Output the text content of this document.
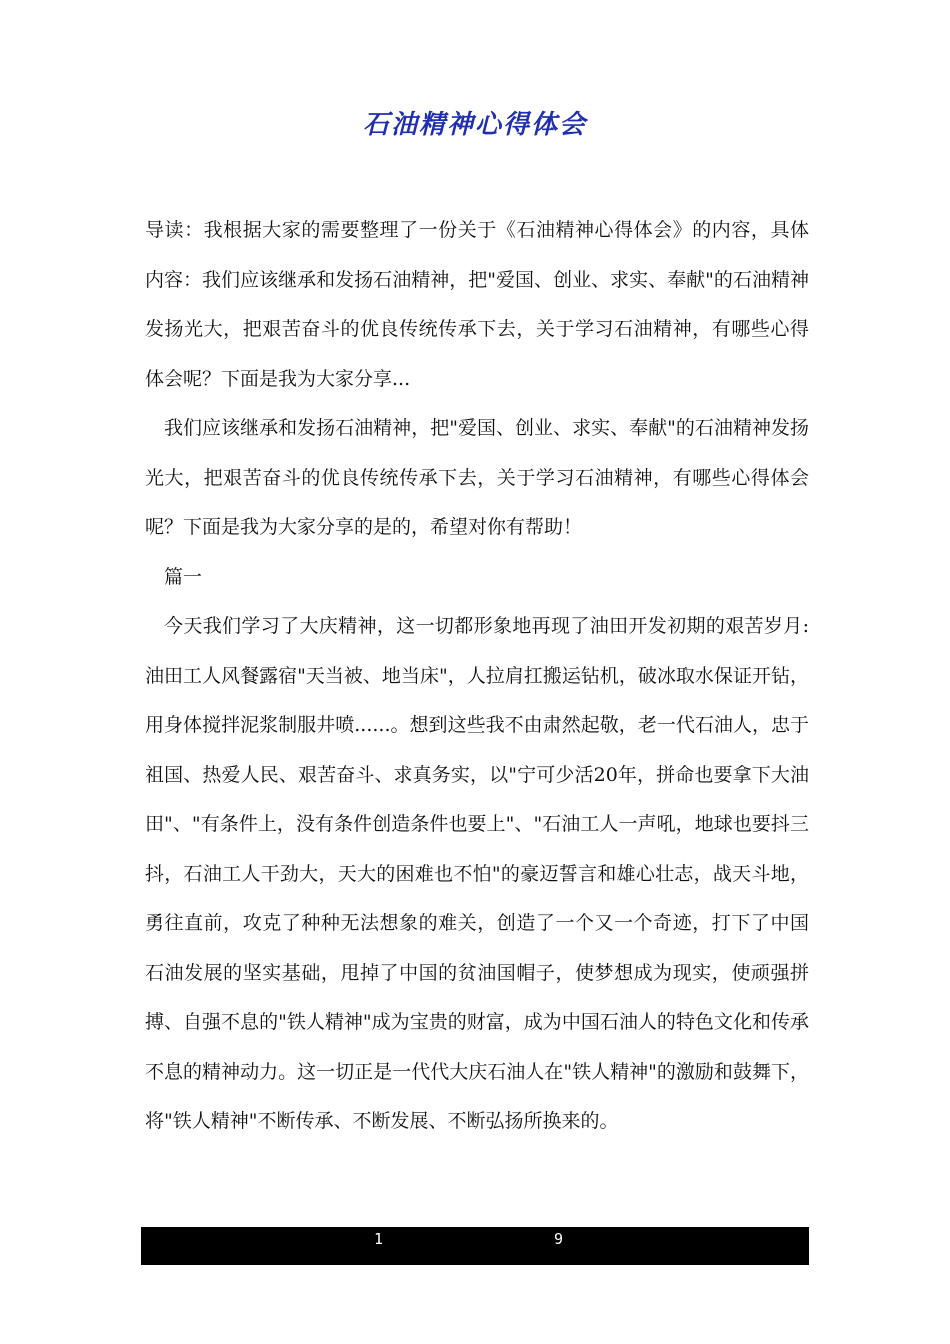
石油精神心得体会

导读：我根据大家的需要整理了一份关于《石油精神心得体会》的内容，具体内容：我们应该继承和发扬石油精神，把"爱国、创业、求实、奉献"的石油精神发扬光大，把艰苦奋斗的优良传统传承下去，关于学习石油精神，有哪些心得体会呢？下面是我为大家分享...

我们应该继承和发扬石油精神，把"爱国、创业、求实、奉献"的石油精神发扬光大，把艰苦奋斗的优良传统传承下去，关于学习石油精神，有哪些心得体会呢？下面是我为大家分享的是的，希望对你有帮助！

篇一

今天我们学习了大庆精神，这一切都形象地再现了油田开发初期的艰苦岁月:油田工人风餐露宿"天当被、地当床"，人拉肩扛搬运钻机，破冰取水保证开钻，用身体搅拌泥浆制服井喷......。想到这些我不由肃然起敬，老一代石油人，忠于祖国、热爱人民、艰苦奋斗、求真务实，以"宁可少活20年，拼命也要拿下大油田"、"有条件上，没有条件创造条件也要上"、"石油工人一声吼，地球也要抖三抖，石油工人干劲大，天大的困难也不怕"的豪迈誓言和雄心壮志，战天斗地，勇往直前，攻克了种种无法想象的难关，创造了一个又一个奇迹，打下了中国石油发展的坚实基础，甩掉了中国的贫油国帽子，使梦想成为现实，使顽强拼搏、自强不息的"铁人精神"成为宝贵的财富，成为中国石油人的特色文化和传承不息的精神动力。这一切正是一代代大庆石油人在"铁人精神"的激励和鼓舞下，将"铁人精神"不断传承、不断发展、不断弘扬所换来的。

1	9
